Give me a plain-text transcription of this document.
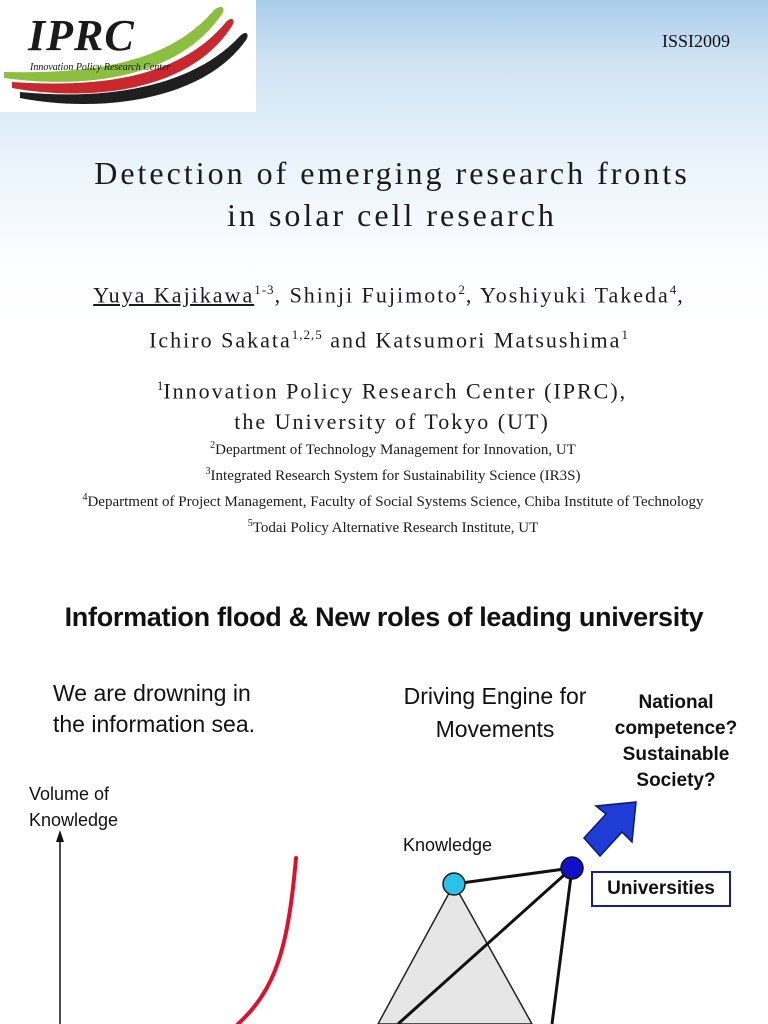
IPRC
Innovation Policy Research Center
ISSI2009
Detection of emerging research fronts
in solar cell research
Yuya Kajikawa$^{1-3}$, Shinji Fujimoto$^2$, Yoshiyuki Takeda$^4$,
Ichiro Sakata$^{1,2,5}$ and Katsumori Matsushima$^1$
$^1$Innovation Policy Research Center (IPRC),
the University of Tokyo (UT)
$^2$Department of Technology Management for Innovation, UT
$^3$Integrated Research System for Sustainability Science (IR3S)
$^4$Department of Project Management, Faculty of Social Systems Science, Chiba Institute of Technology
$^5$Todai Policy Alternative Research Institute, UT
Information flood & New roles of leading university
We are drowning in
the information sea.
Driving Engine for
Movements
National
competence?
Sustainable
Society?
Volume of
Knowledge
Knowledge
Universities
